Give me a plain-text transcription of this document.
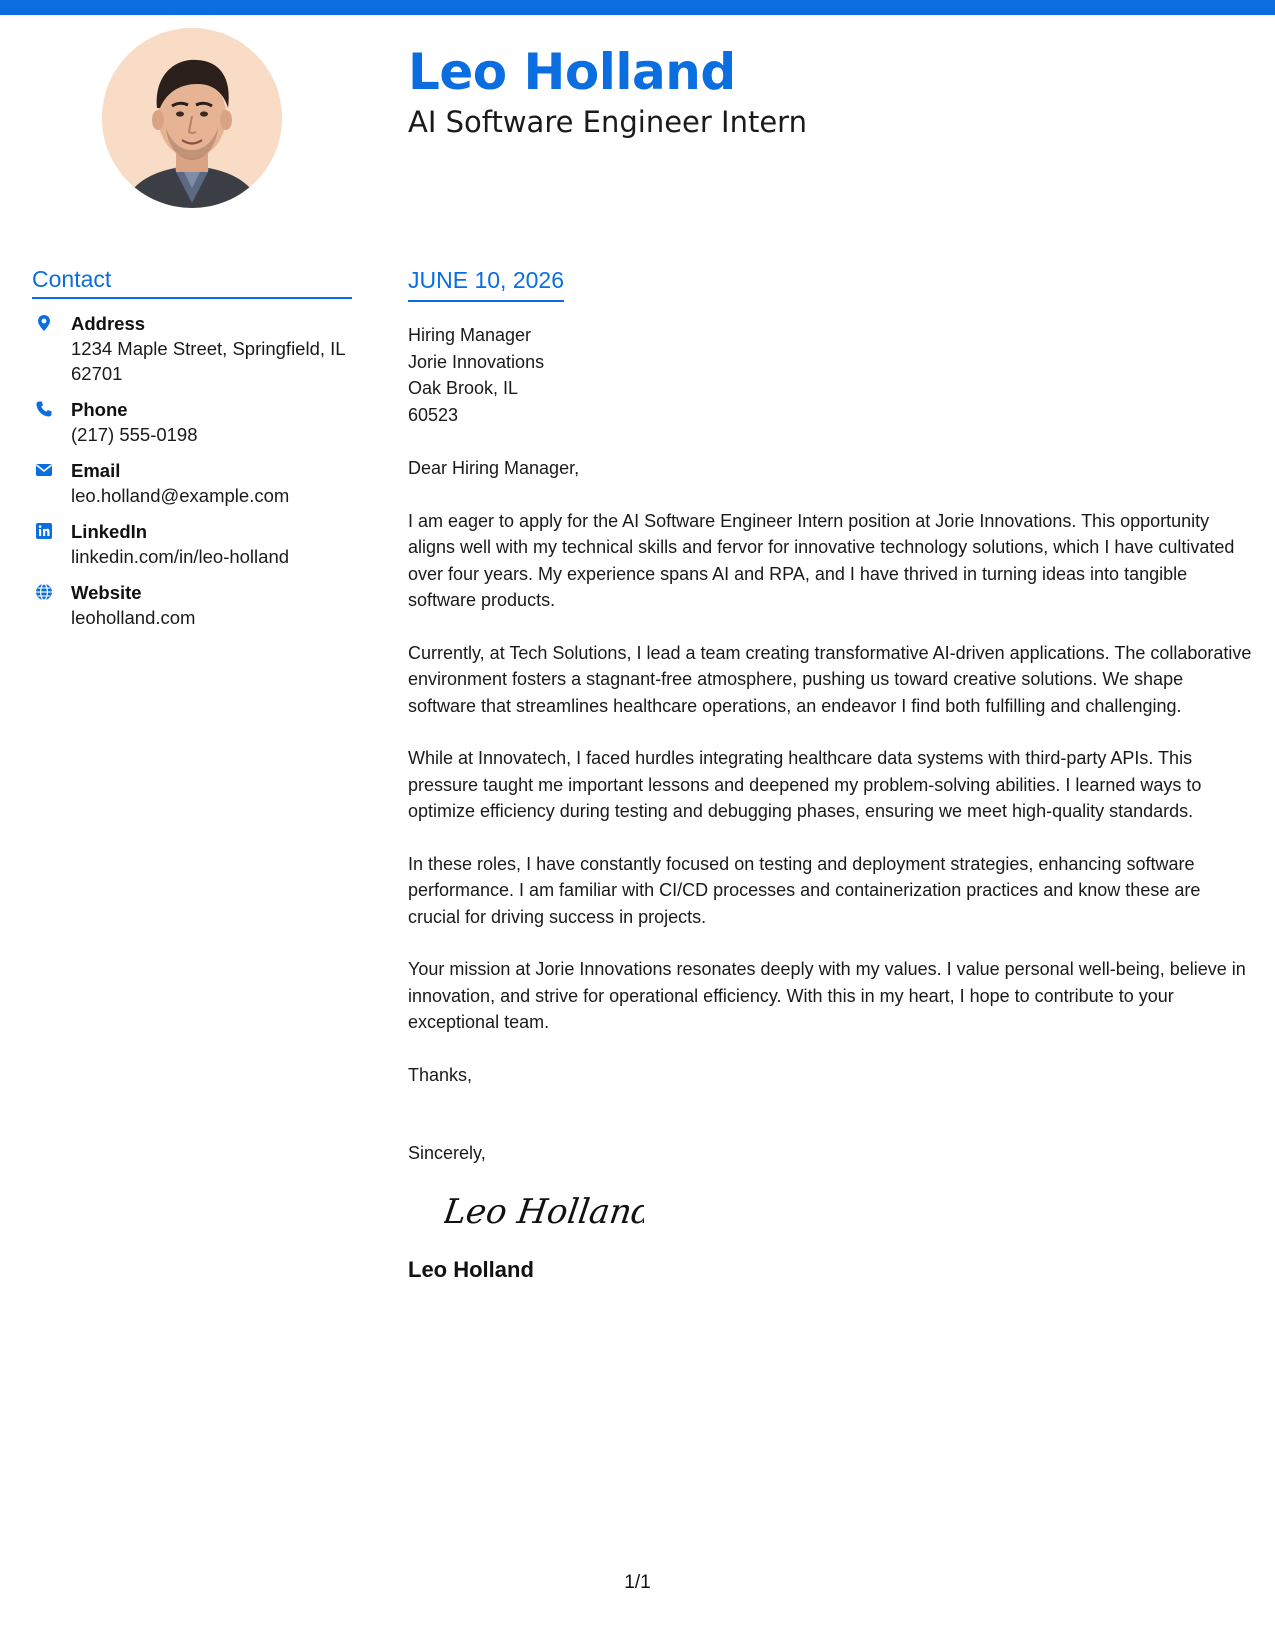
Leo Holland
AI Software Engineer Intern
Contact
Address
1234 Maple Street, Springfield, IL 62701
Phone
(217) 555-0198
Email
leo.holland@example.com
LinkedIn
linkedin.com/in/leo-holland
Website
leoholland.com
JUNE 10, 2026
Hiring Manager
Jorie Innovations
Oak Brook, IL
60523
Dear Hiring Manager,

I am eager to apply for the AI Software Engineer Intern position at Jorie Innovations. This opportunity aligns well with my technical skills and fervor for innovative technology solutions, which I have cultivated over four years. My experience spans AI and RPA, and I have thrived in turning ideas into tangible software products.

Currently, at Tech Solutions, I lead a team creating transformative AI-driven applications. The collaborative environment fosters a stagnant-free atmosphere, pushing us toward creative solutions. We shape software that streamlines healthcare operations, an endeavor I find both fulfilling and challenging.

While at Innovatech, I faced hurdles integrating healthcare data systems with third-party APIs. This pressure taught me important lessons and deepened my problem-solving abilities. I learned ways to optimize efficiency during testing and debugging phases, ensuring we meet high-quality standards.

In these roles, I have constantly focused on testing and deployment strategies, enhancing software performance. I am familiar with CI/CD processes and containerization practices and know these are crucial for driving success in projects.

Your mission at Jorie Innovations resonates deeply with my values. I value personal well-being, believe in innovation, and strive for operational efficiency. With this in my heart, I hope to contribute to your exceptional team.

Thanks,
Sincerely,
Leo Holland
Leo Holland
1/1
